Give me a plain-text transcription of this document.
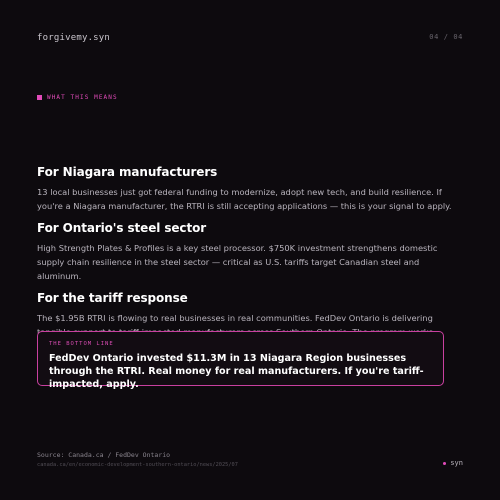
forgivemy.syn	04 / 04
WHAT THIS MEANS
For Niagara manufacturers

13 local businesses just got federal funding to modernize, adopt new tech, and build resilience. If you're a Niagara manufacturer, the RTRI is still accepting applications — this is your signal to apply.

For Ontario's steel sector

High Strength Plates & Profiles is a key steel processor. $750K investment strengthens domestic supply chain resilience in the steel sector — critical as U.S. tariffs target Canadian steel and aluminum.

For the tariff response

The $1.95B RTRI is flowing to real businesses in real communities. FedDev Ontario is delivering

THE BOTTOM LINE
FedDev Ontario invested $11.3M in 13 Niagara Region businesses through the RTRI. Real money for real manufacturers. If you're tariff-impacted, apply.
Source: Canada.ca / FedDev Ontario
canada.ca/en/economic-development-southern-ontario/news/2025/07	syn
